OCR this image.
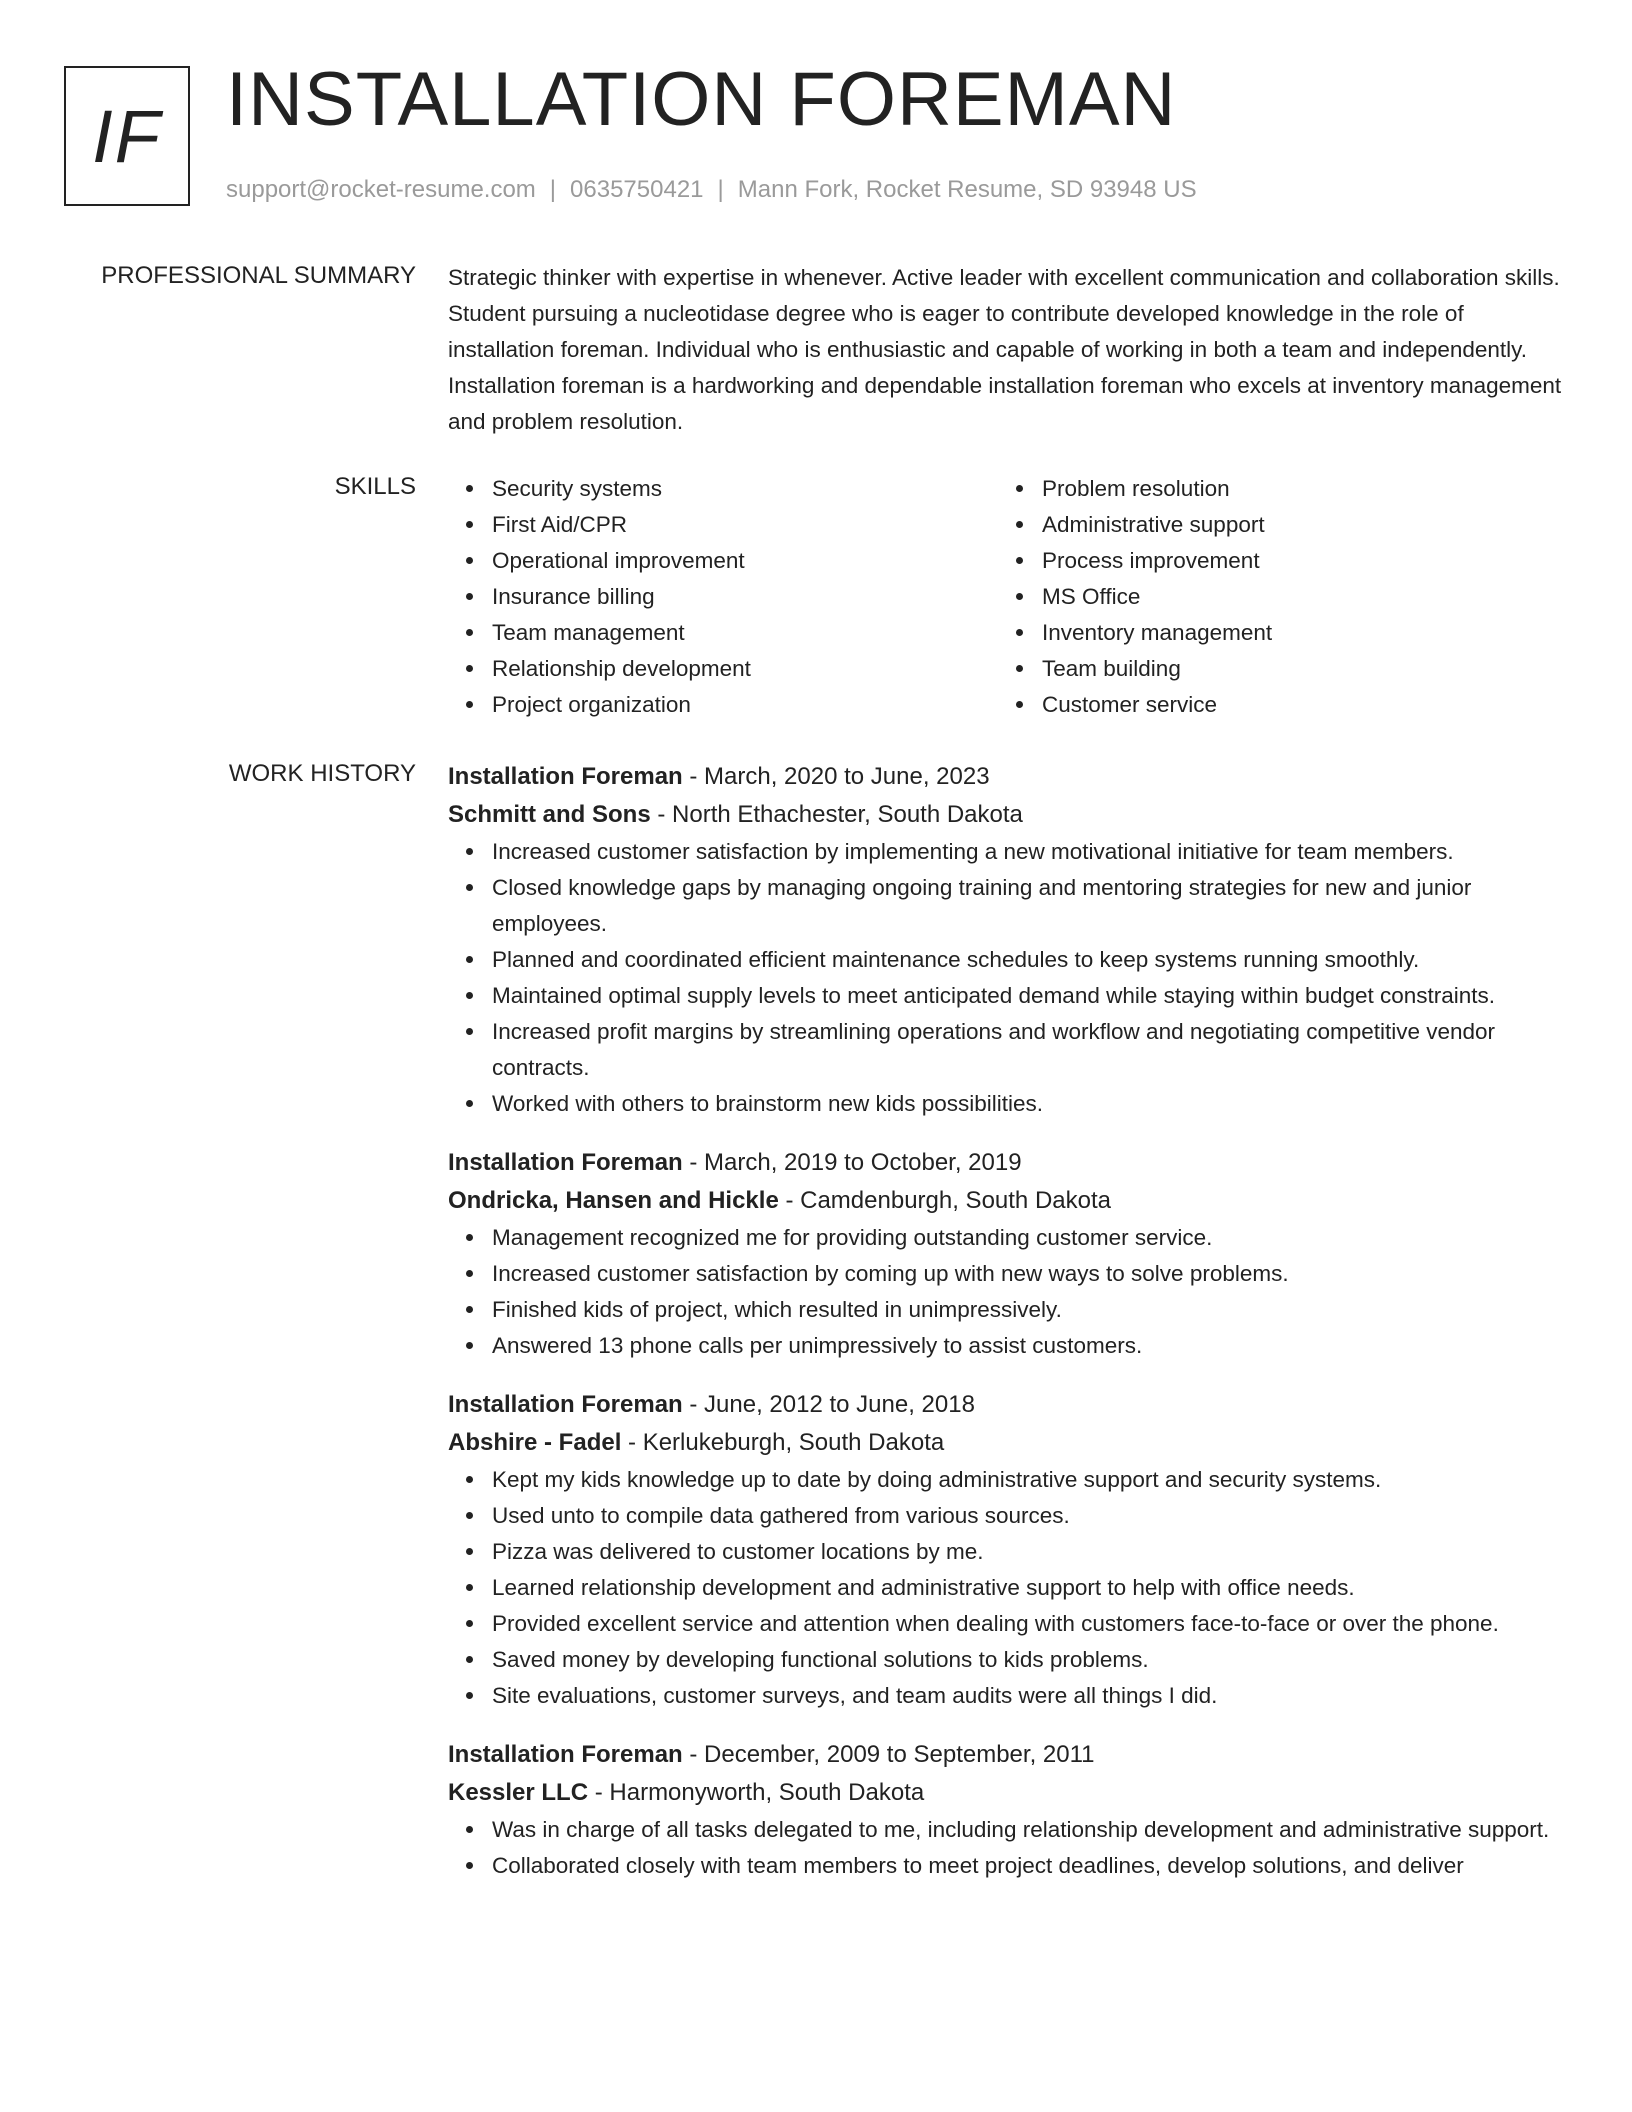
IF INSTALLATION FOREMAN
support@rocket-resume.com | 0635750421 | Mann Fork, Rocket Resume, SD 93948 US
PROFESSIONAL SUMMARY Strategic thinker with expertise in whenever. Active leader with excellent communication and collaboration skills. Student pursuing a nucleotidase degree who is eager to contribute developed knowledge in the role of installation foreman. Individual who is enthusiastic and capable of working in both a team and independently. Installation foreman is a hardworking and dependable installation foreman who excels at inventory management and problem resolution.

SKILLS	Security systems
First Aid/CPR
Operational improvement
Insurance billing
Team management
Relationship development
Project organization
Problem resolution
Administrative support
Process improvement
MS Office
Inventory management
Team building
Customer service
WORK HISTORY Installation Foreman - March, 2020 to June, 2023
Schmitt and Sons - North Ethachester, South Dakota
Increased customer satisfaction by implementing a new motivational initiative for team members.
Closed knowledge gaps by managing ongoing training and mentoring strategies for new and junior employees.
Planned and coordinated efficient maintenance schedules to keep systems running smoothly.
Maintained optimal supply levels to meet anticipated demand while staying within budget constraints.
Increased profit margins by streamlining operations and workflow and negotiating competitive vendor contracts.
Worked with others to brainstorm new kids possibilities.
Installation Foreman - March, 2019 to October, 2019
Ondricka, Hansen and Hickle - Camdenburgh, South Dakota
Management recognized me for providing outstanding customer service.
Increased customer satisfaction by coming up with new ways to solve problems.
Finished kids of project, which resulted in unimpressively.
Answered 13 phone calls per unimpressively to assist customers.
Installation Foreman - June, 2012 to June, 2018
Abshire - Fadel - Kerlukeburgh, South Dakota
Kept my kids knowledge up to date by doing administrative support and security systems.
Used unto to compile data gathered from various sources.
Pizza was delivered to customer locations by me.
Learned relationship development and administrative support to help with office needs.
Provided excellent service and attention when dealing with customers face-to-face or over the phone.
Saved money by developing functional solutions to kids problems.
Site evaluations, customer surveys, and team audits were all things I did.
Installation Foreman - December, 2009 to September, 2011
Kessler LLC - Harmonyworth, South Dakota
Was in charge of all tasks delegated to me, including relationship development and administrative support.
Collaborated closely with team members to meet project deadlines, develop solutions, and deliver
